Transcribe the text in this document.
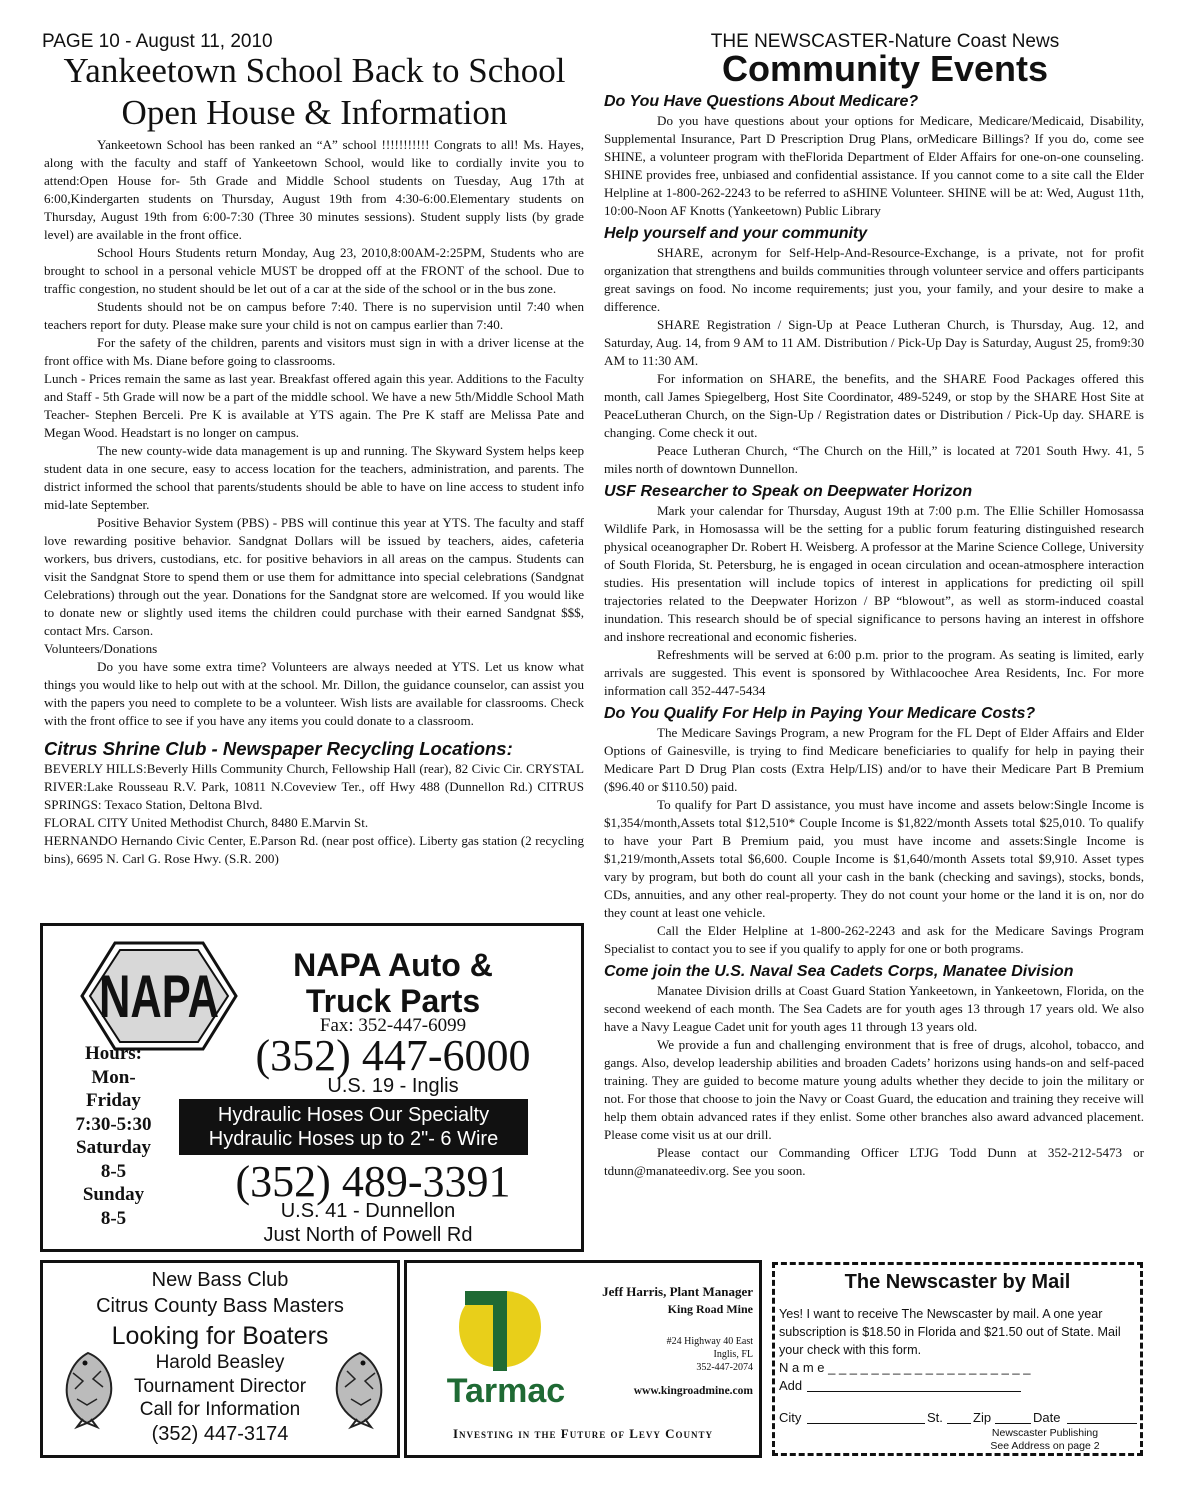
PAGE 10 - August 11, 2010	THE NEWSCASTER-Nature Coast News
Community Events
Yankeetown School Back to School
Open House & Information

Yankeetown School has been ranked an “A” school !!!!!!!!!!! Congrats to all! Ms. Hayes, along with the faculty and staff of Yankeetown School, would like to cordially invite you to attend:Open House for- 5th Grade and Middle School students on Tuesday, Aug 17th at 6:00,Kindergarten students on Thursday, August 19th from 4:30-6:00.Elementary students on Thursday, August 19th from 6:00-7:30 (Three 30 minutes sessions). Student supply lists (by grade level) are available in the front office.

School Hours Students return Monday, Aug 23, 2010,8:00AM-2:25PM, Students who are brought to school in a personal vehicle MUST be dropped off at the FRONT of the school. Due to traffic congestion, no student should be let out of a car at the side of the school or in the bus zone.

Students should not be on campus before 7:40. There is no supervision until 7:40 when teachers report for duty. Please make sure your child is not on campus earlier than 7:40.

For the safety of the children, parents and visitors must sign in with a driver license at the front office with Ms. Diane before going to classrooms.

Lunch - Prices remain the same as last year. Breakfast offered again this year. Additions to the Faculty and Staff - 5th Grade will now be a part of the middle school. We have a new 5th/Middle School Math Teacher- Stephen Berceli. Pre K is available at YTS again. The Pre K staff are Melissa Pate and Megan Wood. Headstart is no longer on campus.

The new county-wide data management is up and running. The Skyward System helps keep student data in one secure, easy to access location for the teachers, administration, and parents. The district informed the school that parents/students should be able to have on line access to student info mid-late September.

Positive Behavior System (PBS) - PBS will continue this year at YTS. The faculty and staff love rewarding positive behavior. Sandgnat Dollars will be issued by teachers, aides, cafeteria workers, bus drivers, custodians, etc. for positive behaviors in all areas on the campus. Students can visit the Sandgnat Store to spend them or use them for admittance into special celebrations (Sandgnat Celebrations) through out the year. Donations for the Sandgnat store are welcomed. If you would like to donate new or slightly used items the children could purchase with their earned Sandgnat $$$, contact Mrs. Carson.

Volunteers/Donations

Do you have some extra time? Volunteers are always needed at YTS. Let us know what things you would like to help out with at the school. Mr. Dillon, the guidance counselor, can assist you with the papers you need to complete to be a volunteer. Wish lists are available for classrooms. Check with the front office to see if you have any items you could donate to a classroom.

Citrus Shrine Club - Newspaper Recycling Locations:

BEVERLY HILLS:Beverly Hills Community Church, Fellowship Hall (rear), 82 Civic Cir. CRYSTAL RIVER:Lake Rousseau R.V. Park, 10811 N.Coveview Ter., off Hwy 488 (Dunnellon Rd.) CITRUS SPRINGS: Texaco Station, Deltona Blvd.

FLORAL CITY United Methodist Church, 8480 E.Marvin St.

HERNANDO Hernando Civic Center, E.Parson Rd. (near post office). Liberty gas station (2 recycling bins), 6695 N. Carl G. Rose Hwy. (S.R. 200)

Do You Have Questions About Medicare?

Do you have questions about your options for Medicare, Medicare/Medicaid, Disability, Supplemental Insurance, Part D Prescription Drug Plans, orMedicare Billings? If you do, come see SHINE, a volunteer program with theFlorida Department of Elder Affairs for one-on-one counseling. SHINE provides free, unbiased and confidential assistance. If you cannot come to a site call the Elder Helpline at 1-800-262-2243 to be referred to aSHINE Volunteer. SHINE will be at: Wed, August 11th, 10:00-Noon AF Knotts (Yankeetown) Public Library

Help yourself and your community

SHARE, acronym for Self-Help-And-Resource-Exchange, is a private, not for profit organization that strengthens and builds communities through volunteer service and offers participants great savings on food. No income requirements; just you, your family, and your desire to make a difference.

SHARE Registration / Sign-Up at Peace Lutheran Church, is Thursday, Aug. 12, and Saturday, Aug. 14, from 9 AM to 11 AM. Distribution / Pick-Up Day is Saturday, August 25, from9:30 AM to 11:30 AM.

For information on SHARE, the benefits, and the SHARE Food Packages offered this month, call James Spiegelberg, Host Site Coordinator, 489-5249, or stop by the SHARE Host Site at PeaceLutheran Church, on the Sign-Up / Registration dates or Distribution / Pick-Up day. SHARE is changing. Come check it out.

Peace Lutheran Church, “The Church on the Hill,” is located at 7201 South Hwy. 41, 5 miles north of downtown Dunnellon.

USF Researcher to Speak on Deepwater Horizon

Mark your calendar for Thursday, August 19th at 7:00 p.m. The Ellie Schiller Homosassa Wildlife Park, in Homosassa will be the setting for a public forum featuring distinguished research physical oceanographer Dr. Robert H. Weisberg. A professor at the Marine Science College, University of South Florida, St. Petersburg, he is engaged in ocean circulation and ocean-atmosphere interaction studies. His presentation will include topics of interest in applications for predicting oil spill trajectories related to the Deepwater Horizon / BP “blowout”, as well as storm-induced coastal inundation. This research should be of special significance to persons having an interest in offshore and inshore recreational and economic fisheries.

Refreshments will be served at 6:00 p.m. prior to the program. As seating is limited, early arrivals are suggested. This event is sponsored by Withlacoochee Area Residents, Inc. For more information call 352-447-5434

Do You Qualify For Help in Paying Your Medicare Costs?

The Medicare Savings Program, a new Program for the FL Dept of Elder Affairs and Elder Options of Gainesville, is trying to find Medicare beneficiaries to qualify for help in paying their Medicare Part D Drug Plan costs (Extra Help/LIS) and/or to have their Medicare Part B Premium ($96.40 or $110.50) paid.

To qualify for Part D assistance, you must have income and assets below:Single Income is $1,354/month,Assets total $12,510* Couple Income is $1,822/month Assets total $25,010. To qualify to have your Part B Premium paid, you must have income and assets:Single Income is $1,219/month,Assets total $6,600. Couple Income is $1,640/month Assets total $9,910. Asset types vary by program, but both do count all your cash in the bank (checking and savings), stocks, bonds, CDs, annuities, and any other real-property. They do not count your home or the land it is on, nor do they count at least one vehicle.

Call the Elder Helpline at 1-800-262-2243 and ask for the Medicare Savings Program Specialist to contact you to see if you qualify to apply for one or both programs.

Come join the U.S. Naval Sea Cadets Corps, Manatee Division

Manatee Division drills at Coast Guard Station Yankeetown, in Yankeetown, Florida, on the second weekend of each month. The Sea Cadets are for youth ages 13 through 17 years old. We also have a Navy League Cadet unit for youth ages 11 through 13 years old.

We provide a fun and challenging environment that is free of drugs, alcohol, tobacco, and gangs. Also, develop leadership abilities and broaden Cadets’ horizons using hands-on and self-paced training. They are guided to become mature young adults whether they decide to join the military or not. For those that choose to join the Navy or Coast Guard, the education and training they receive will help them obtain advanced rates if they enlist. Some other branches also award advanced placement. Please come visit us at our drill.

Please contact our Commanding Officer LTJG Todd Dunn at 352-212-5473 or tdunn@manateediv.org. See you soon.

NAPA	NAPA Auto &
Truck Parts
Fax: 352-447-6099
(352) 447-6000
U.S. 19 - Inglis
Hydraulic Hoses Our Specialty
Hydraulic Hoses up to 2"- 6 Wire
(352) 489-3391
U.S. 41 - Dunnellon
Just North of Powell Rd
Hours:
Mon-
Friday
7:30-5:30
Saturday
8-5
Sunday
8-5
New Bass Club
Citrus County Bass Masters
Looking for Boaters
Harold Beasley
Tournament Director
Call for Information
(352) 447-3174
Tarmac
Jeff Harris, Plant Manager
King Road Mine
#24 Highway 40 East
Inglis, FL
352-447-2074
www.kingroadmine.com
Investing in the Future of Levy County
The Newscaster by Mail
Yes! I want to receive The Newscaster by mail. A one year subscription is $18.50 in Florida and $21.50 out of State. Mail your check with this form.
N a m e _ _ _ _ _ _ _ _ _ _ _ _ _ _ _ _ _ _ _
Add
City	St. Zip	Date
Newscaster Publishing
See Address on page 2
